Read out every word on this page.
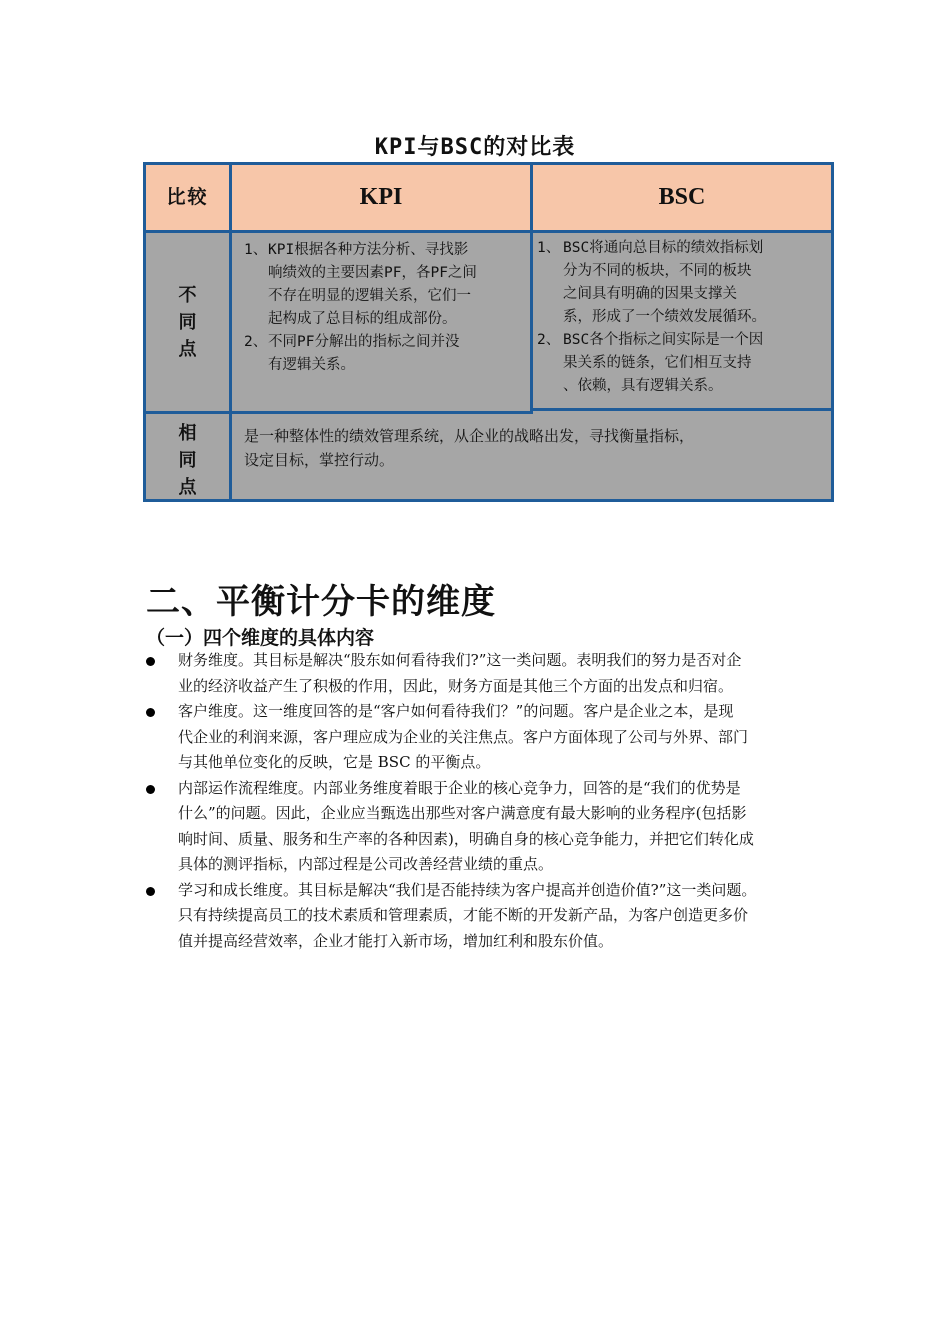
KPI与BSC的对比表
比较	KPI	BSC
不
同
点
1、 KPI根据各种方法分析、寻找影
响绩效的主要因素PF，各PF之间
不存在明显的逻辑关系，它们一
起构成了总目标的组成部份。
2、 不同PF分解出的指标之间并没
有逻辑关系。
1、 BSC将通向总目标的绩效指标划
分为不同的板块，不同的板块
之间具有明确的因果支撑关
系，形成了一个绩效发展循环。
2、 BSC各个指标之间实际是一个因
果关系的链条，它们相互支持
、依赖，具有逻辑关系。
相
同
点
是一种整体性的绩效管理系统，从企业的战略出发，寻找衡量指标，
设定目标，掌控行动。
二、平衡计分卡的维度
（一）四个维度的具体内容
财务维度。其目标是解决“股东如何看待我们?”这一类问题。表明我们的努力是否对企
业的经济收益产生了积极的作用，因此，财务方面是其他三个方面的出发点和归宿。
客户维度。这一维度回答的是“客户如何看待我们？”的问题。客户是企业之本，是现
代企业的利润来源，客户理应成为企业的关注焦点。客户方面体现了公司与外界、部门
与其他单位变化的反映，它是 BSC 的平衡点。
内部运作流程维度。内部业务维度着眼于企业的核心竞争力，回答的是“我们的优势是
什么”的问题。因此，企业应当甄选出那些对客户满意度有最大影响的业务程序(包括影
响时间、质量、服务和生产率的各种因素)，明确自身的核心竞争能力，并把它们转化成
具体的测评指标，内部过程是公司改善经营业绩的重点。
学习和成长维度。其目标是解决“我们是否能持续为客户提高并创造价值?”这一类问题。
只有持续提高员工的技术素质和管理素质，才能不断的开发新产品，为客户创造更多价
值并提高经营效率，企业才能打入新市场，增加红利和股东价值。
